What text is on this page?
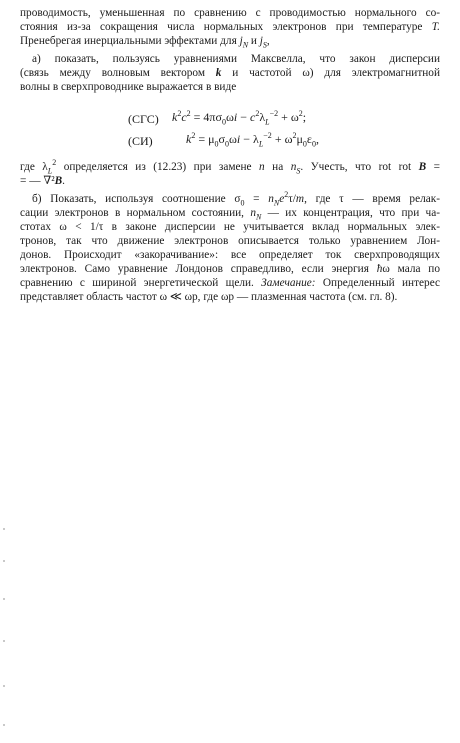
проводимость, уменьшенная по сравнению с проводимостью нормального со-
стояния из-за сокращения числа нормальных электронов при температуре T.
Пренебрегая инерциальными эффектами для $j_N$ и $j_S$,
а) показать, пользуясь уравнениями Максвелла, что закон дисперсии
(связь между волновым вектором k и частотой ω) для электромагнитной
волны в сверхпроводнике выражается в виде
(СГС) $k^2c^2 = 4\pi\sigma_0\omega i - c^2\lambda_L^{-2} + \omega^2$;
(СИ)	$k^2 = \mu_0\sigma_0\omega i - \lambda_L^{-2} + \omega^2\mu_0\varepsilon_0$,
где $\lambda_L^2$ определяется из (12.23) при замене n на $n_S$. Учесть, что rot rot B =
= — ∇²B.
б) Показать, используя соотношение $\sigma_0 = n_Ne^2\tau/m$, где τ — время релак-
сации электронов в нормальном состоянии, $n_N$ — их концентрация, что при ча-
стотах ω < 1/τ в законе дисперсии не учитывается вклад нормальных элек-
тронов, так что движение электронов описывается только уравнением Лон-
донов. Происходит «закорачивание»: все определяет ток сверхпроводящих
электронов. Само уравнение Лондонов справедливо, если энергия ħω мала по
сравнению с шириной энергетической щели. Замечание: Определенный интерес
представляет область частот ω ≪ ωp, где ωp — плазменная частота (см. гл. 8).
